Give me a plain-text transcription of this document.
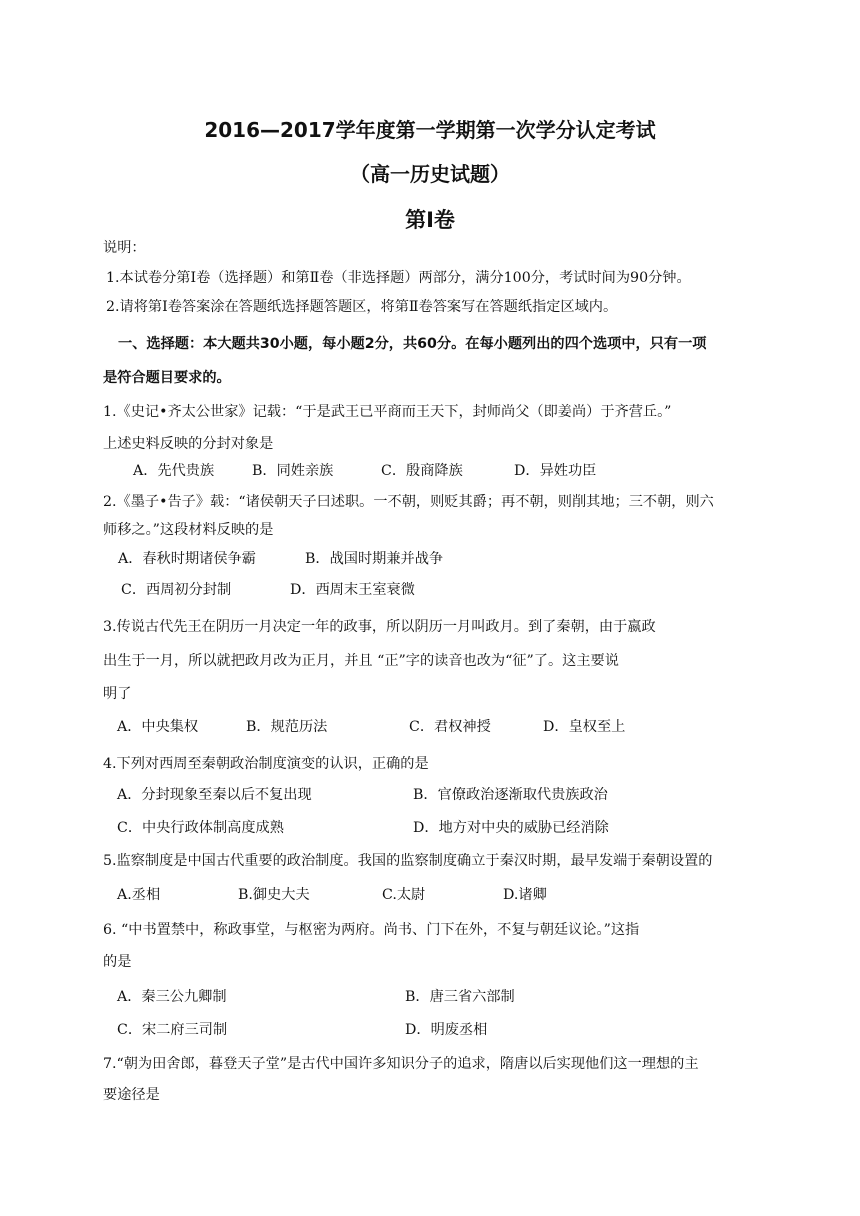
2016—2017学年度第一学期第一次学分认定考试
（高一历史试题）
第Ⅰ卷
说明：
1.本试卷分第Ⅰ卷（选择题）和第Ⅱ卷（非选择题）两部分，满分100分，考试时间为90分钟。
2.请将第Ⅰ卷答案涂在答题纸选择题答题区，将第Ⅱ卷答案写在答题纸指定区域内。
一、选择题：本大题共30小题，每小题2分，共60分。在每小题列出的四个选项中，只有一项
是符合题目要求的。
1.《史记•齐太公世家》记载：“于是武王已平商而王天下，封师尚父（即姜尚）于齐营丘。”
上述史料反映的分封对象是
A．先代贵族	B．同姓亲族	C．殷商降族	D．异姓功臣
2.《墨子•告子》载：“诸侯朝天子曰述职。一不朝，则贬其爵；再不朝，则削其地；三不朝，则六
师移之。”这段材料反映的是
A．春秋时期诸侯争霸	B．战国时期兼并战争
C．西周初分封制	D．西周末王室衰微
3.传说古代先王在阴历一月决定一年的政事，所以阴历一月叫政月。到了秦朝，由于嬴政
出生于一月，所以就把政月改为正月，并且 “正”字的读音也改为“征”了。这主要说
明了
A．中央集权	B．规范历法	C．君权神授	D．皇权至上
4.下列对西周至秦朝政治制度演变的认识，正确的是
A．分封现象至秦以后不复出现	B．官僚政治逐渐取代贵族政治
C．中央行政体制高度成熟	D．地方对中央的威胁已经消除
5.监察制度是中国古代重要的政治制度。我国的监察制度确立于秦汉时期，最早发端于秦朝设置的
A.丞相	B.御史大夫	C.太尉	D.诸卿
6. “中书置禁中，称政事堂，与枢密为两府。尚书、门下在外，不复与朝廷议论。”这指
的是
A．秦三公九卿制	B．唐三省六部制
C．宋二府三司制	D．明废丞相
7.“朝为田舍郎，暮登天子堂”是古代中国许多知识分子的追求，隋唐以后实现他们这一理想的主
要途径是
